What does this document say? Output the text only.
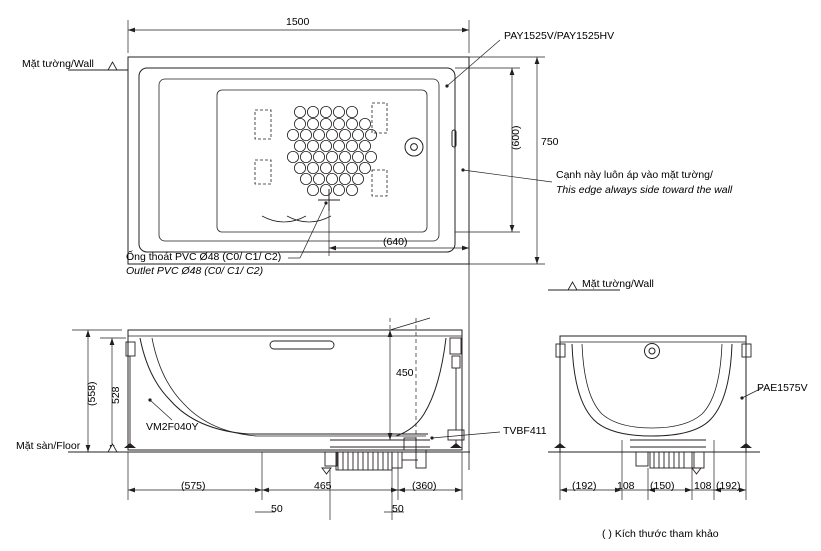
1500
Mặt tường/Wall
PAY1525V/PAY1525HV
(600) 750
(640)
Cạnh này luôn áp vào mặt tường/
This edge always side toward the wall
Ống thoát PVC Ø48 (C0/ C1/ C2)
Outlet PVC Ø48 (C0/ C1/ C2)
(558) 528
450
Mặt sàn/Floor
VM2F040Y	TVBF411
(575)	465	(360)
50	50
Mặt tường/Wall
PAE1575V
(192) 108 (150) 108 (192)
( ) Kích thước tham khảo
